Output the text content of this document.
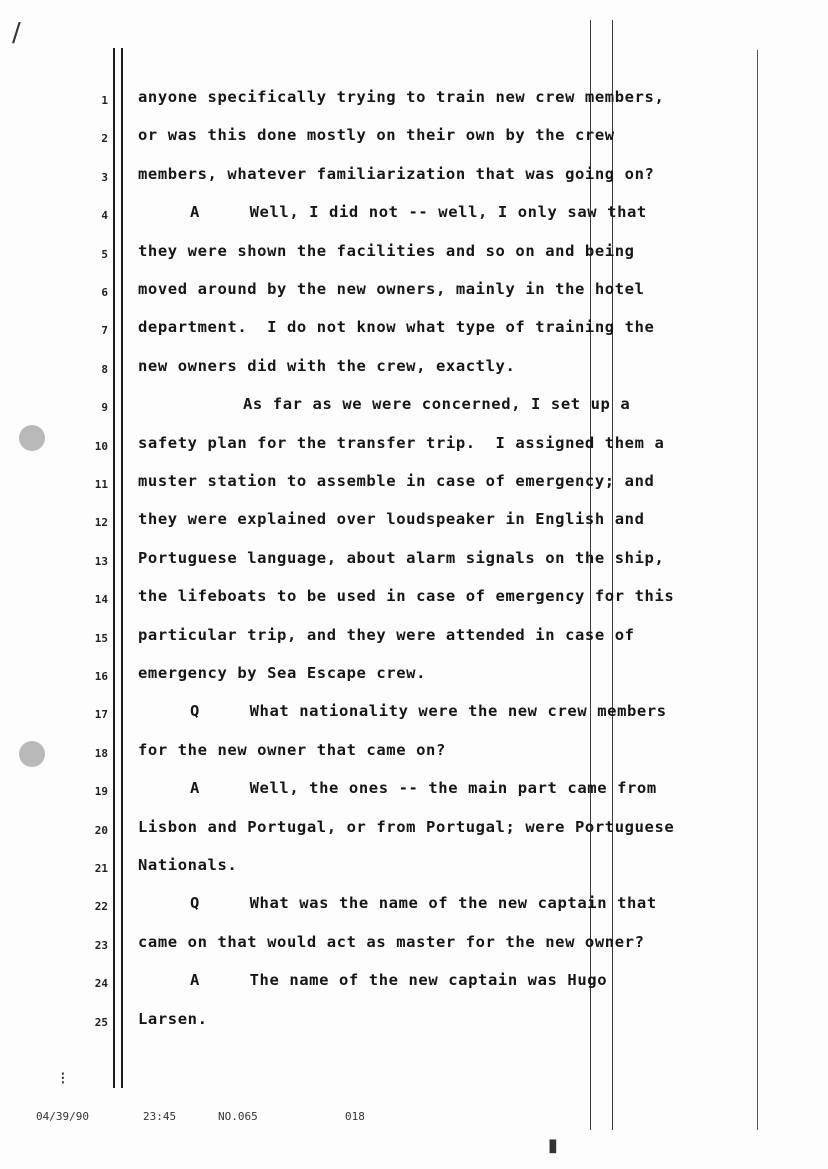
/
⁝
▮
1 anyone specifically trying to train new crew members,
2 or was this done mostly on their own by the crew
3 members, whatever familiarization that was going on?
4	A     Well, I did not -- well, I only saw that
5 they were shown the facilities and so on and being
6 moved around by the new owners, mainly in the hotel
7 department.  I do not know what type of training the
8 new owners did with the crew, exactly.
9	As far as we were concerned, I set up a
10 safety plan for the transfer trip.  I assigned them a
11 muster station to assemble in case of emergency; and
12 they were explained over loudspeaker in English and
13 Portuguese language, about alarm signals on the ship,
14 the lifeboats to be used in case of emergency for this
15 particular trip, and they were attended in case of
16 emergency by Sea Escape crew.
17	Q     What nationality were the new crew members
18 for the new owner that came on?
19	A     Well, the ones -- the main part came from
20 Lisbon and Portugal, or from Portugal; were Portuguese
21 Nationals.
22	Q     What was the name of the new captain that
23 came on that would act as master for the new owner?
24	A     The name of the new captain was Hugo
25 Larsen.
04/39/90	23:45	NO.065	018
